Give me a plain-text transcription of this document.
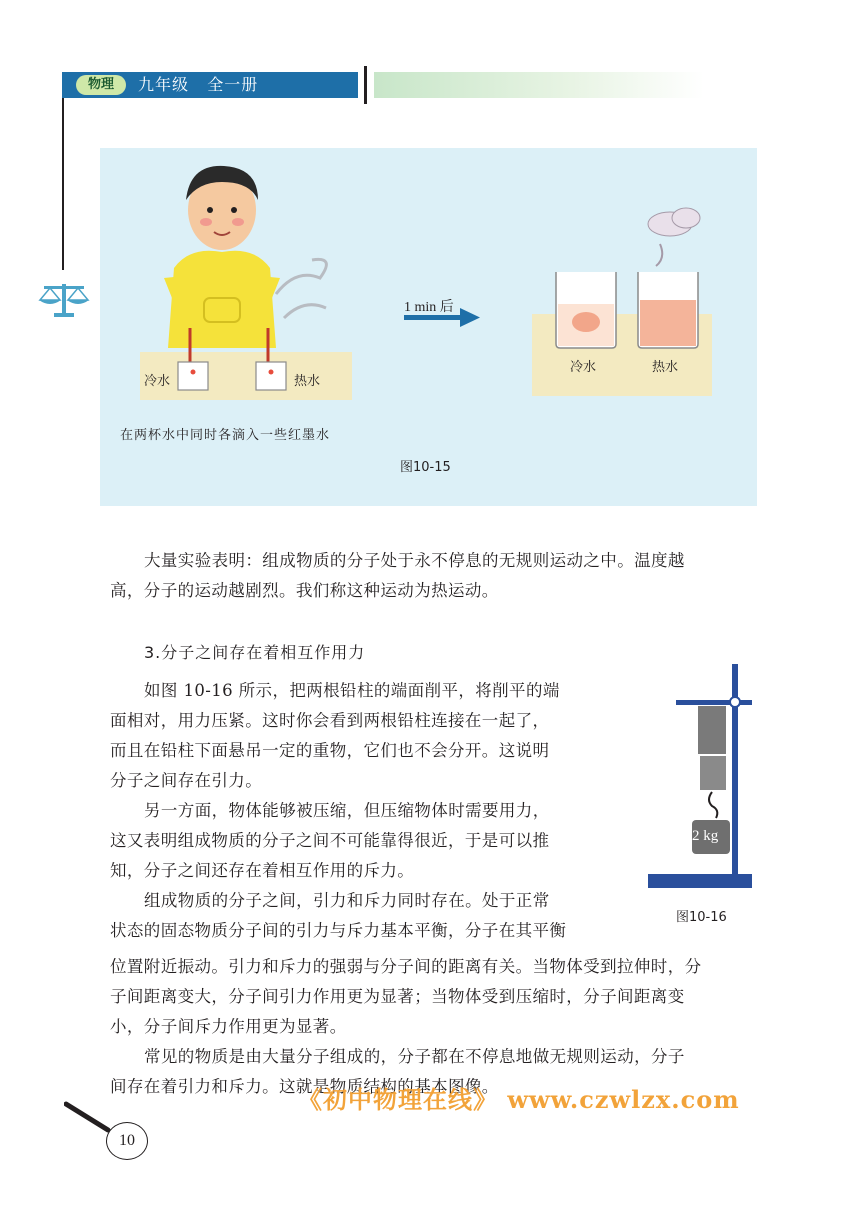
物理	九年级   全一册
冷水	热水
1 min 后
冷水	热水
在两杯水中同时各滴入一些红墨水
图10-15
大量实验表明：组成物质的分子处于永不停息的无规则运动之中。温度越
高，分子的运动越剧烈。我们称这种运动为热运动。
3.分子之间存在着相互作用力
如图 10-16 所示，把两根铅柱的端面削平，将削平的端
面相对，用力压紧。这时你会看到两根铅柱连接在一起了，
而且在铅柱下面悬吊一定的重物，它们也不会分开。这说明
分子之间存在引力。
另一方面，物体能够被压缩，但压缩物体时需要用力，
这又表明组成物质的分子之间不可能靠得很近，于是可以推
知，分子之间还存在着相互作用的斥力。
组成物质的分子之间，引力和斥力同时存在。处于正常
状态的固态物质分子间的引力与斥力基本平衡，分子在其平衡
位置附近振动。引力和斥力的强弱与分子间的距离有关。当物体受到拉伸时，分
子间距离变大，分子间引力作用更为显著；当物体受到压缩时，分子间距离变
小，分子间斥力作用更为显著。
常见的物质是由大量分子组成的，分子都在不停息地做无规则运动，分子
间存在着引力和斥力。这就是物质结构的基本图像。
2 kg
图10-16
10
《初中物理在线》 www.czwlzx.com
